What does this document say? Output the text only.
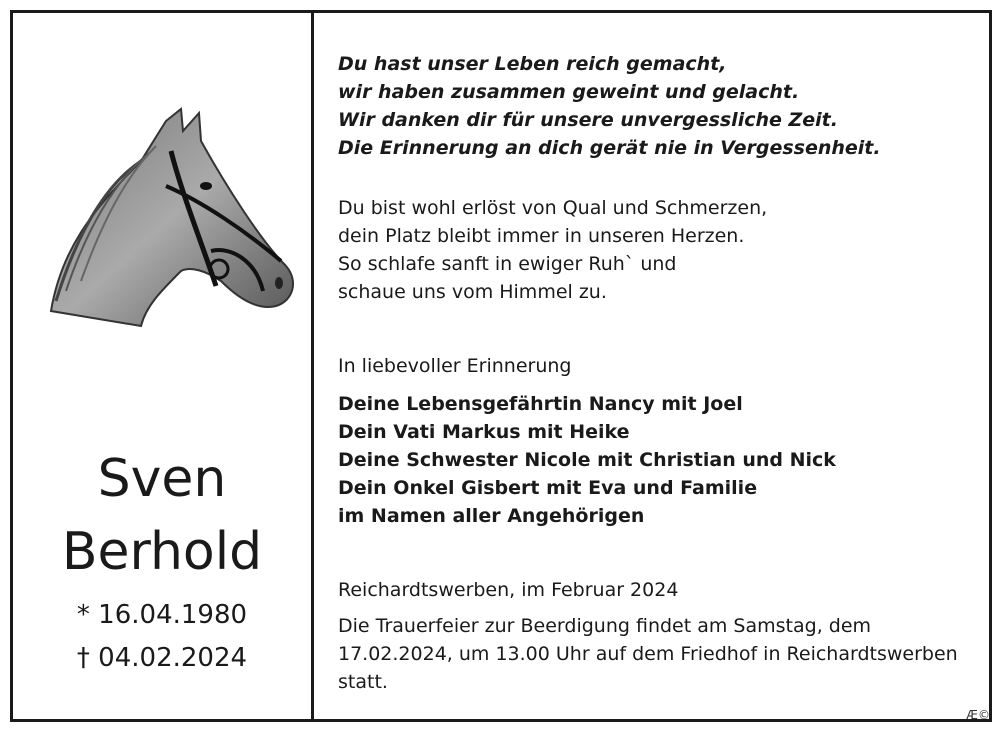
Sven
Berhold
* 16.04.1980
† 04.02.2024
Du hast unser Leben reich gemacht,
wir haben zusammen geweint und gelacht.
Wir danken dir für unsere unvergessliche Zeit.
Die Erinnerung an dich gerät nie in Vergessenheit.
Du bist wohl erlöst von Qual und Schmerzen,
dein Platz bleibt immer in unseren Herzen.
So schlafe sanft in ewiger Ruh` und
schaue uns vom Himmel zu.
In liebevoller Erinnerung
Deine Lebensgefährtin Nancy mit Joel
Dein Vati Markus mit Heike
Deine Schwester Nicole mit Christian und Nick
Dein Onkel Gisbert mit Eva und Familie
im Namen aller Angehörigen
Reichardtswerben, im Februar 2024
Die Trauerfeier zur Beerdigung findet am Samstag, dem
17.02.2024, um 13.00 Uhr auf dem Friedhof in Reichardtswerben
statt.
Æ©
